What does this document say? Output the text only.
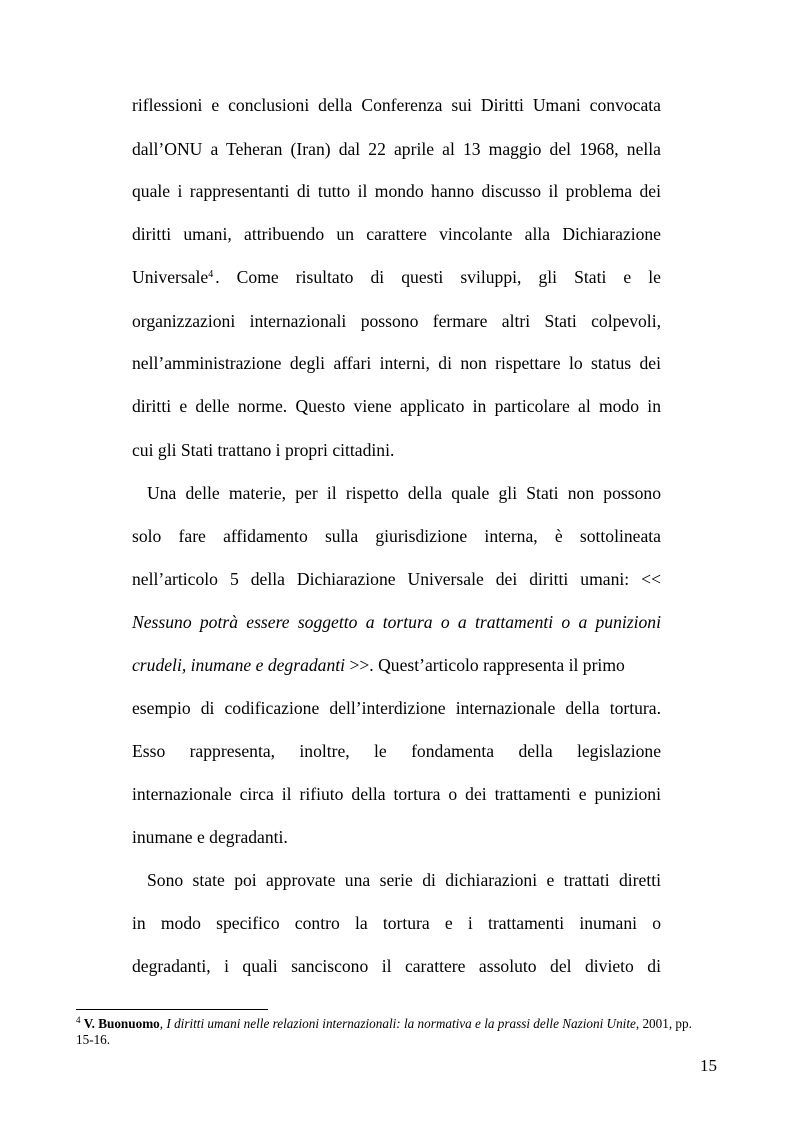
riflessioni e conclusioni della Conferenza sui Diritti Umani convocata
dall’ONU a Teheran (Iran) dal 22 aprile al 13 maggio del 1968, nella
quale i rappresentanti di tutto il mondo hanno discusso il problema dei
diritti umani, attribuendo un carattere vincolante alla Dichiarazione
Universale$^4$ . Come risultato di questi sviluppi, gli Stati e le
organizzazioni internazionali possono fermare altri Stati colpevoli,
nell’amministrazione degli affari interni, di non rispettare lo status dei
diritti e delle norme. Questo viene applicato in particolare al modo in
cui gli Stati trattano i propri cittadini.
Una delle materie, per il rispetto della quale gli Stati non possono
solo fare affidamento sulla giurisdizione interna, è sottolineata
nell’articolo 5 della Dichiarazione Universale dei diritti umani: <<
Nessuno potrà essere soggetto a tortura o a trattamenti o a punizioni
crudeli, inumane e degradanti >>. Quest’articolo rappresenta il primo
esempio di codificazione dell’interdizione internazionale della tortura.
Esso rappresenta, inoltre, le fondamenta della legislazione
internazionale circa il rifiuto della tortura o dei trattamenti e punizioni
inumane e degradanti.
Sono state poi approvate una serie di dichiarazioni e trattati diretti
in modo specifico contro la tortura e i trattamenti inumani o
degradanti, i quali sanciscono il carattere assoluto del divieto di
$^4$ V. Buonuomo, I diritti umani nelle relazioni internazionali: la normativa e la prassi delle Nazioni Unite, 2001, pp.
15-16.
15
